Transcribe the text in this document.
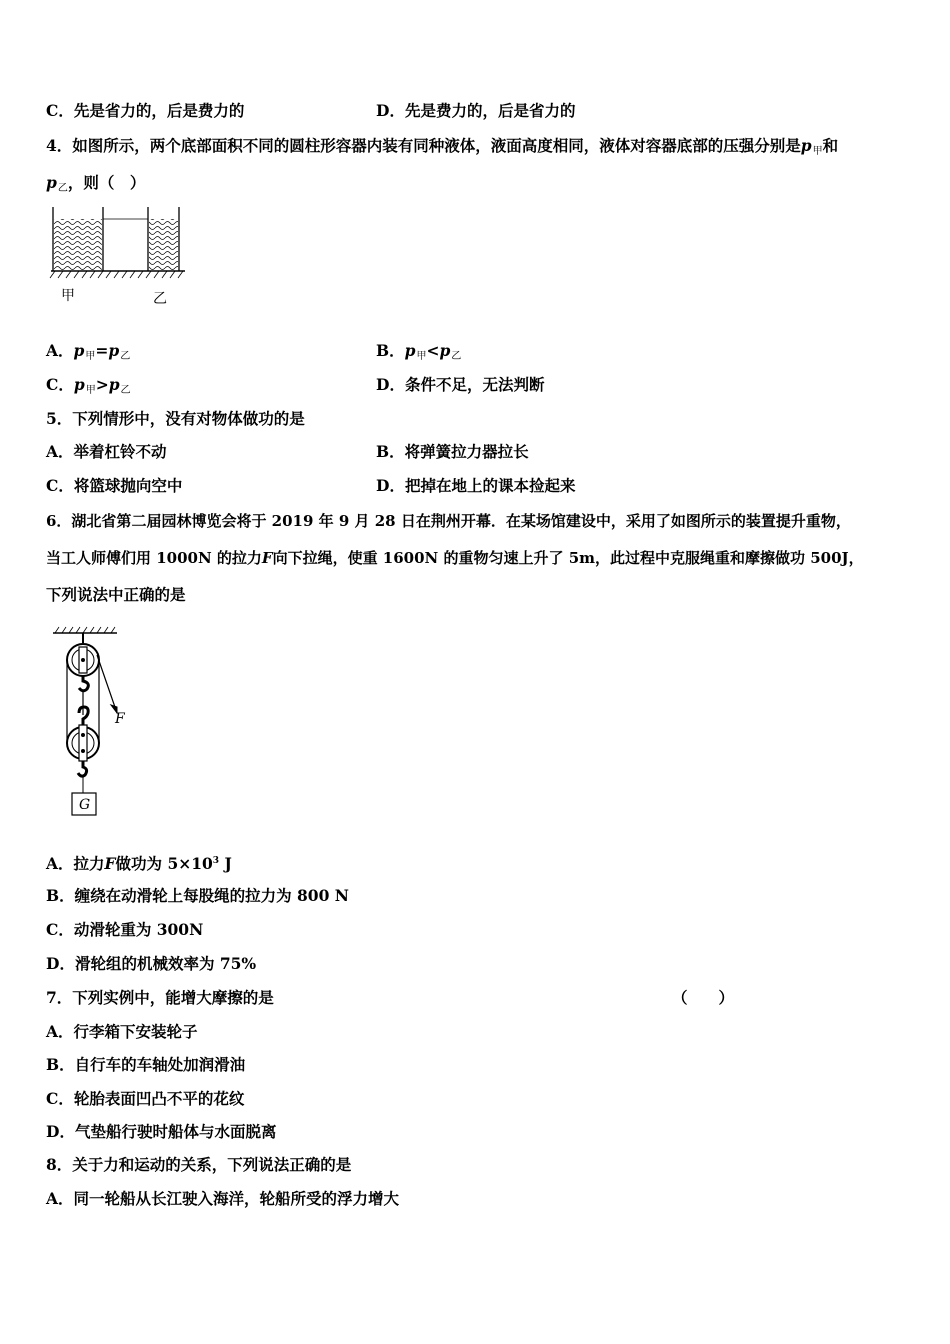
C．先是省力的，后是费力的	D．先是费力的，后是省力的
4．如图所示，两个底部面积不同的圆柱形容器内装有同种液体，液面高度相同，液体对容器底部的压强分别是p甲和
p乙，则（　）
甲	乙
A．p甲=p乙	B．p甲<p乙
C．p甲>p乙	D．条件不足，无法判断
5．下列情形中，没有对物体做功的是
A．举着杠铃不动	B．将弹簧拉力器拉长
C．将篮球抛向空中	D．把掉在地上的课本捡起来
6．湖北省第二届园林博览会将于 2019 年 9 月 28 日在荆州开幕．在某场馆建设中，采用了如图所示的装置提升重物，
当工人师傅们用 1000N 的拉力F向下拉绳，使重 1600N 的重物匀速上升了 5m，此过程中克服绳重和摩擦做功 500J，
下列说法中正确的是
F
G
A．拉力F做功为 $5\times 10^3$ J
B．缠绕在动滑轮上每股绳的拉力为 800 N
C．动滑轮重为 300N
D．滑轮组的机械效率为 75%
7．下列实例中，能增大摩擦的是	（　　）
A．行李箱下安装轮子
B．自行车的车轴处加润滑油
C．轮胎表面凹凸不平的花纹
D．气垫船行驶时船体与水面脱离
8．关于力和运动的关系，下列说法正确的是
A．同一轮船从长江驶入海洋，轮船所受的浮力增大
